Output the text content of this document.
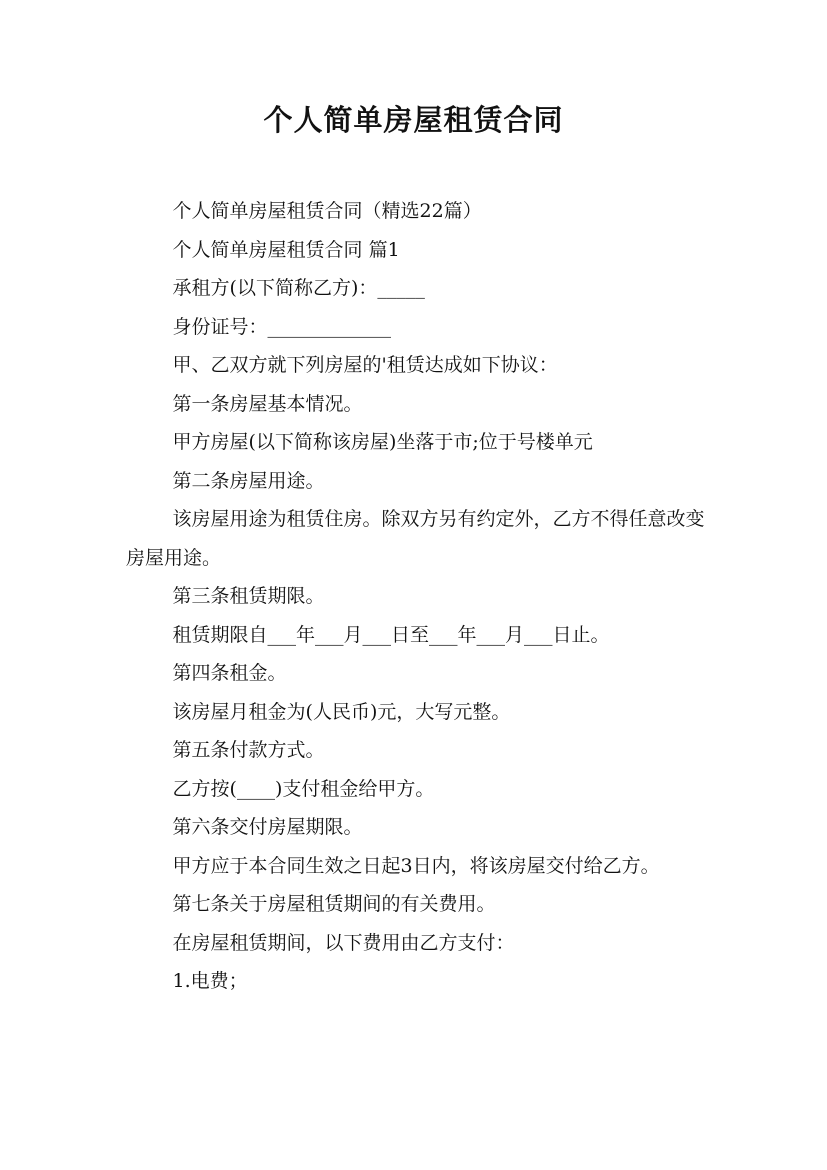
个人简单房屋租赁合同

个人简单房屋租赁合同（精选22篇）

个人简单房屋租赁合同 篇1

承租方(以下简称乙方)：_____

身份证号：_____________

甲、乙双方就下列房屋的'租赁达成如下协议：

第一条房屋基本情况。

甲方房屋(以下简称该房屋)坐落于市;位于号楼单元

第二条房屋用途。

该房屋用途为租赁住房。除双方另有约定外，乙方不得任意改变房屋用途。

第三条租赁期限。

租赁期限自___年___月___日至___年___月___日止。

第四条租金。

该房屋月租金为(人民币)元，大写元整。

第五条付款方式。

乙方按(____)支付租金给甲方。

第六条交付房屋期限。

甲方应于本合同生效之日起3日内，将该房屋交付给乙方。

第七条关于房屋租赁期间的有关费用。

在房屋租赁期间，以下费用由乙方支付：

1.电费；
